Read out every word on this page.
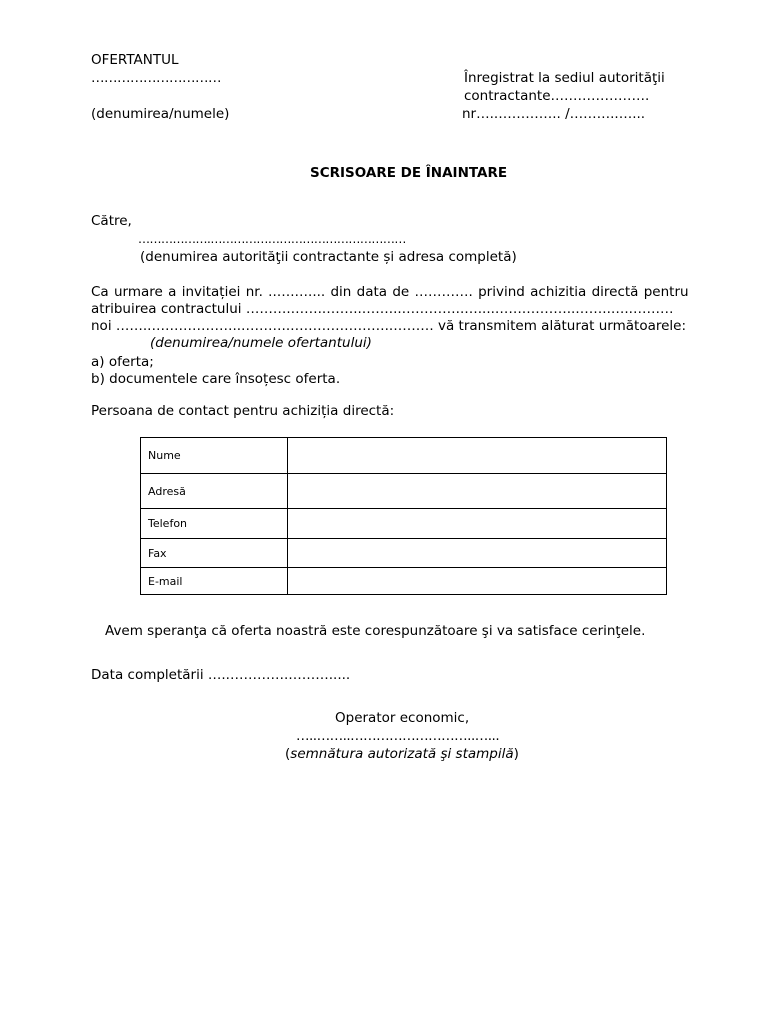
OFERTANTUL
…………………………
(denumirea/numele)
Înregistrat la sediul autorităţii
contractante………………….
nr…..………….. /………..…...
SCRISOARE DE ÎNAINTARE
Către,
……………….……………………………………………
(denumirea autorităţii contractante și adresa completă)
Ca urmare a invitației nr. ..….….... din data de …………. privind achizitia directă pentru
atribuirea contractului ……….……..……..……...…………..…....…….………..……..…..………
noi ……..………………..………..…………………..……… vă transmitem alăturat următoarele:
(denumirea/numele ofertantului)
a) oferta;
b) documentele care însoțesc oferta.
Persoana de contact pentru achiziția directă:
Nume	
Adresă	
Telefon	
Fax	
E-mail	
Avem speranţa că oferta noastră este corespunzătoare şi va satisface cerinţele.
Data completării …..………….……….....
Operator economic,
…..……..………………………..…...
(semnătura autorizată şi stampilă)
